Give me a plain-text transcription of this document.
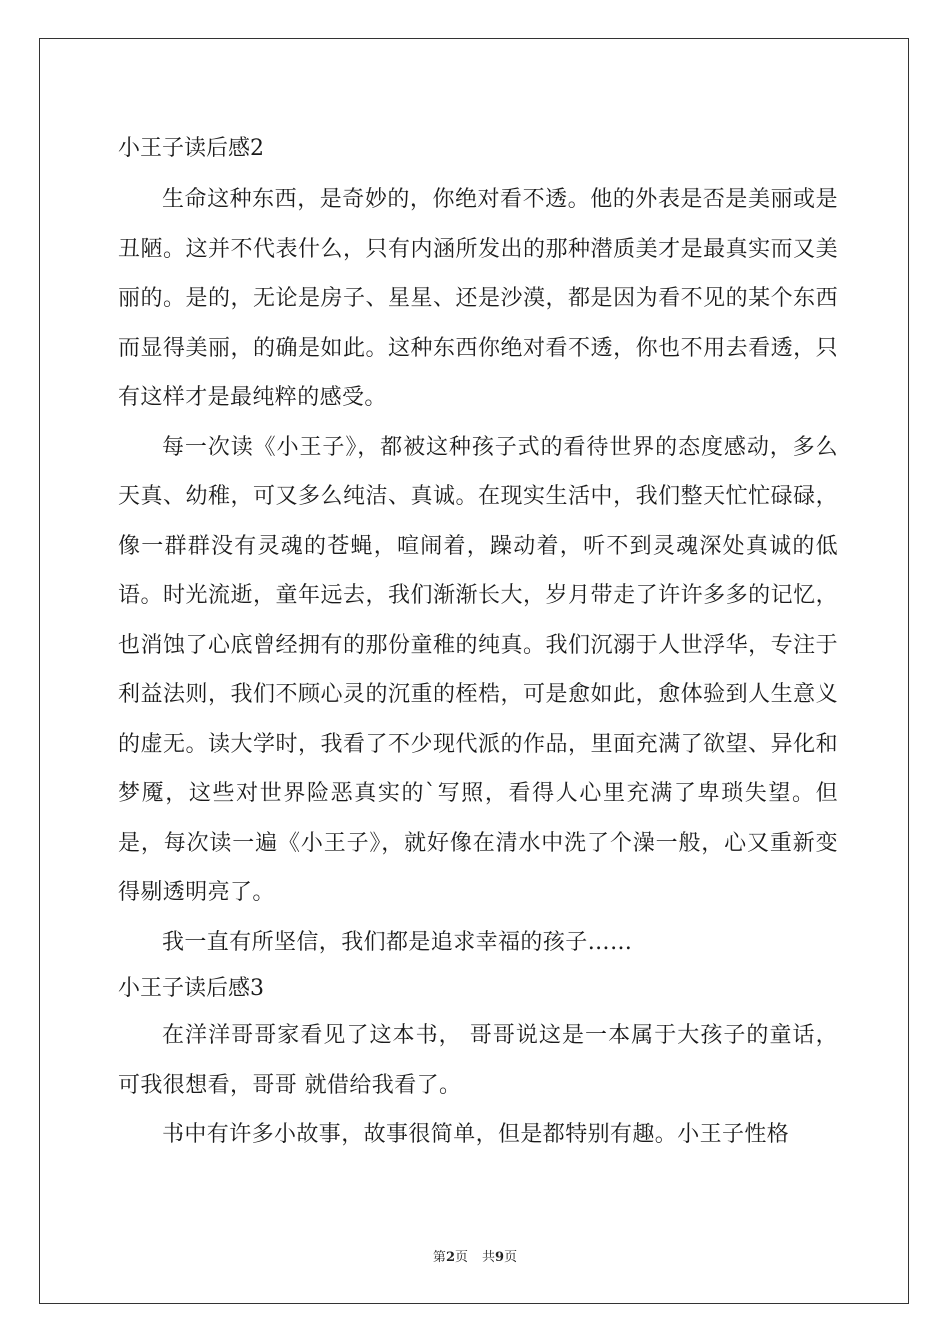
小王子读后感2

生命这种东西，是奇妙的，你绝对看不透。他的外表是否是美丽或是丑陋。这并不代表什么，只有内涵所发出的那种潜质美才是最真实而又美丽的。是的，无论是房子、星星、还是沙漠，都是因为看不见的某个东西而显得美丽，的确是如此。这种东西你绝对看不透，你也不用去看透，只有这样才是最纯粹的感受。

每一次读《小王子》，都被这种孩子式的看待世界的态度感动，多么天真、幼稚，可又多么纯洁、真诚。在现实生活中，我们整天忙忙碌碌，像一群群没有灵魂的苍蝇，喧闹着，躁动着，听不到灵魂深处真诚的低语。时光流逝，童年远去，我们渐渐长大，岁月带走了许许多多的记忆，也消蚀了心底曾经拥有的那份童稚的纯真。我们沉溺于人世浮华，专注于利益法则，我们不顾心灵的沉重的桎梏，可是愈如此，愈体验到人生意义的虚无。读大学时，我看了不少现代派的作品，里面充满了欲望、异化和梦魇，这些对世界险恶真实的`写照，看得人心里充满了卑琐失望。但是，每次读一遍《小王子》，就好像在清水中洗了个澡一般，心又重新变得剔透明亮了。

我一直有所坚信，我们都是追求幸福的孩子……

小王子读后感3

在洋洋哥哥家看见了这本书， 哥哥说这是一本属于大孩子的童话，可我很想看，哥哥 就借给我看了。

书中有许多小故事，故事很简单，但是都特别有趣。小王子性格

第2页 共9页
